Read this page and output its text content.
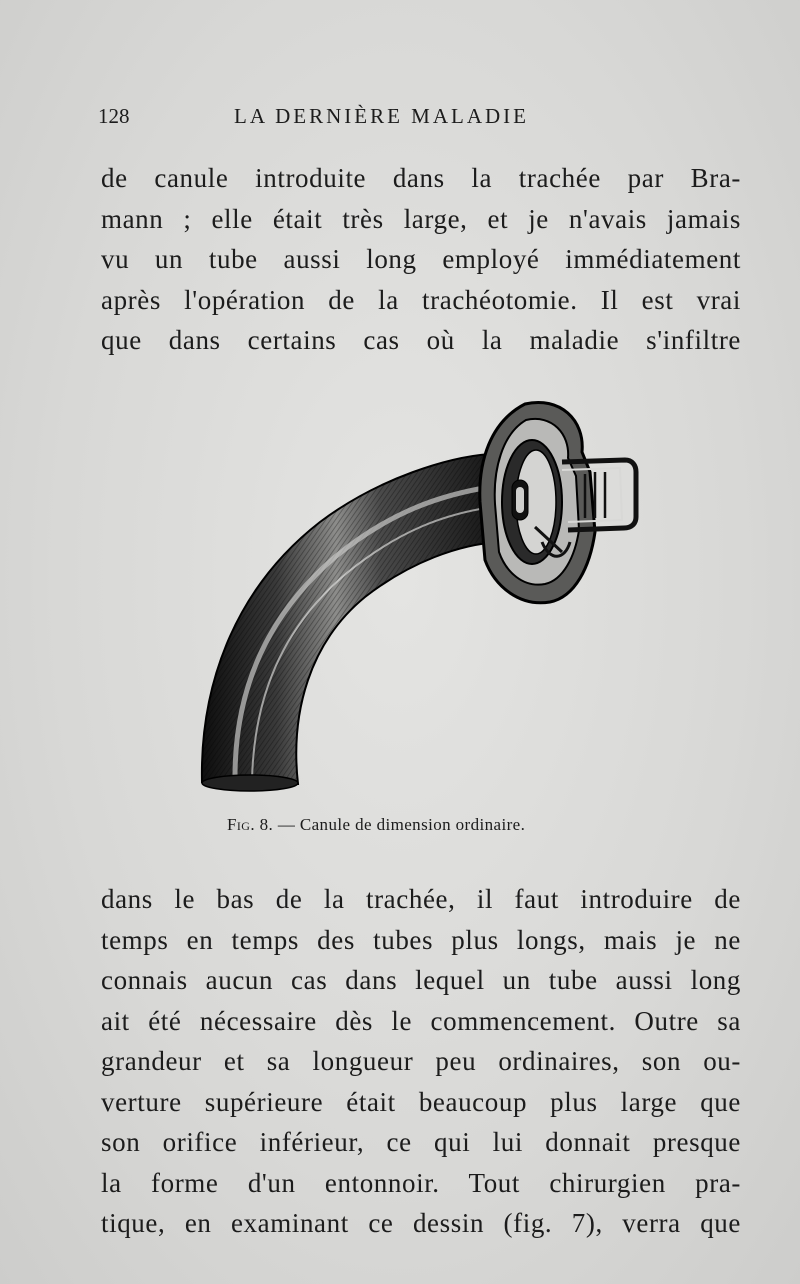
128	LA DERNIÈRE MALADIE
de canule introduite dans la trachée par Bra-
mann ; elle était très large, et je n'avais jamais
vu un tube aussi long employé immédiatement
après l'opération de la trachéotomie. Il est vrai
que dans certains cas où la maladie s'infiltre
Fig. 8. — Canule de dimension ordinaire.
dans le bas de la trachée, il faut introduire de
temps en temps des tubes plus longs, mais je ne
connais aucun cas dans lequel un tube aussi long
ait été nécessaire dès le commencement. Outre sa
grandeur et sa longueur peu ordinaires, son ou-
verture supérieure était beaucoup plus large que
son orifice inférieur, ce qui lui donnait presque
la forme d'un entonnoir. Tout chirurgien pra-
tique, en examinant ce dessin (fig. 7), verra que
